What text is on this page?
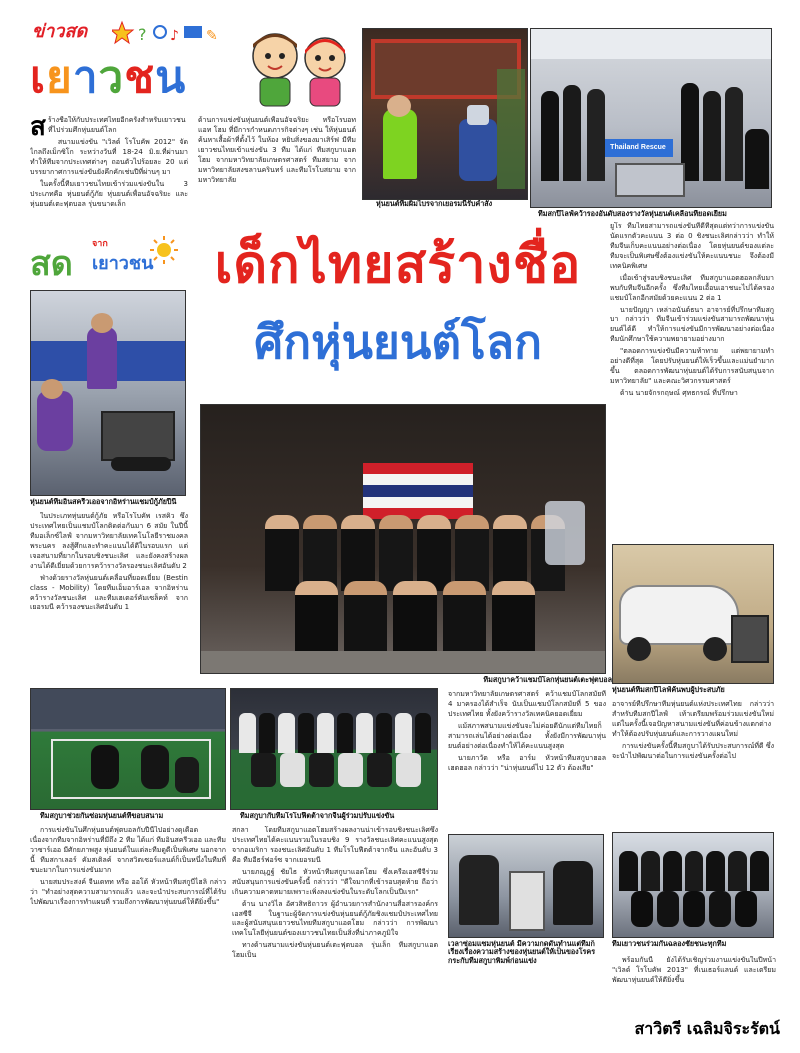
ข่าวสด
เยาวชน
? ♪ ✎

สร้างชื่อให้กับประเทศไทยอีกครั้งสำหรับเยาวชนที่ไปร่วมศึกหุ่นยนต์โลก

สนามแข่งขัน "เวิลด์ โรโบคัพ 2012" จัดไกลถึงเม็กซิโก ระหว่างวันที่ 18-24 มิ.ย.ที่ผ่านมา ทำให้ทีมจากประเทศต่างๆ ถอนตัวไปร้อยละ 20 แต่บรรยากาศการแข่งขันยังคึกคักเช่นปีที่ผ่านๆ มา

ในครั้งนี้ทีมเยาวชนไทยเข้าร่วมแข่งขันใน 3 ประเภทคือ หุ่นยนต์กู้ภัย หุ่นยนต์เพื่อนอัจฉริยะ และหุ่นยนต์เตะฟุตบอล รุ่นขนาดเล็ก

ด้านการแข่งขันหุ่นยนต์เพื่อนอัจฉริยะ หรือโรบอท แอท โฮม ที่มีการกำหนดภารกิจต่างๆ เช่น ให้หุ่นยนต์ค้นหาเสื้อผ้าที่ตั้งไว้ ในห้อง หยิบสิ่งของมาเสิร์ฟ มีทีมเยาวชนไทยเข้าแข่งขัน 3 ทีม ได้แก่ ทีมสกูบาแอตโฮม จากมหาวิทยาลัยเกษตรศาสตร์ ทีมสยาม จากมหาวิทยาลัยสงขลานครินทร์ และทีมโรโบสยาม จากมหาวิทยาลัย

หุ่นยนต์ทีมผิมไบรจากเยอรมนีรับคำสั่ง
Thailand Rescue
ทีมสกปีไลฟ์คว้ารองอันดับสองรางวัลหุ่นยนต์เคลื่อนที่ยอดเยี่ยม

ยูโร ทีมไทยสามารถแข่งขันที่ดีที่สุดแต่ทว่าการแข่งขันนัดแรกตัวคะแนน 3 ต่อ 0 ชิงชนะเลิศกล่าวว่า ทำให้ทีมจีนเก็บคะแนนอย่างต่อเนื่อง โดยหุ่นยนต์ของแต่ละทีมจะเป็นพิเศษซึ่งต้องแข่งขันให้คะแนนชนะ จึงต้องมีเทคนิคพิเศษ

เมื่อเข้าสู่รอบชิงชนะเลิศ ทีมสกูบาแอตฮอลกลับมาพบกับทีมจีนอีกครั้ง ซึ่งทีมไทยเอื้อนเอาชนะไปได้ครองแชมป์โลกอีกสมัยด้วยคะแนน 2 ต่อ 1

นายปัญญา เหล่าอนันต์ธนา อาจารย์ที่ปรึกษาทีมสกูบา กล่าวว่า ทีมจีนเข้าร่วมแข่งขันสามารถพัฒนาหุ่นยนต์ได้ดี ทำให้การแข่งขันมีการพัฒนาอย่างต่อเนื่อง ทีมนักศึกษาใช้ความพยายามอย่างมาก

"ตลอดการแข่งขันมีความท้าทาย แต่พยายามทำอย่างดีที่สุด โดยปรับหุ่นยนต์ให้เร็วขึ้นและแม่นยำมากขึ้น ตลอดการพัฒนาหุ่นยนต์ได้รับการสนับสนุนจากมหาวิทยาลัย" และคณะวิศวกรรมศาสตร์

ด้าน นายจักรกฤษณ์ ศุทธกรณ์ ที่ปรึกษา

เด็กไทยสร้างชื่อ
ศึกหุ่นยนต์โลก
สด จาก
เยาวชน
หุ่นยนต์ทีมอินสครีวเออจากอิหร่านแชมป์กู้ภัยปีนี้

ในประเภทหุ่นยนต์กู้ภัย หรือโรโบคัพ เรสคิว ซึ่งประเทศไทยเป็นแชมป์โลกติดต่อกันมา 6 สมัย ในปีนี้ทีมอเล็กซ์ไลฟ์ จากมหาวิทยาลัยเทคโนโลยีราชมงคลพระนคร ลงสู้ศึกและทำคะแนนได้ดีในรอบแรก แต่เจอสนามที่ยากในรอบชิงชนะเลิศ และยังคงสร้างผลงานได้ดีเยี่ยมด้วยการคว้ารางวัลรองชนะเลิศอันดับ 2

ฟ่างด้วยรางวัลหุ่นยนต์เคลื่อนที่ยอดเยี่ยม (Bestin class - Mobility) โดยทีมเอ็มอาร์เอล จากอิหร่านคว้ารางวัลชนะเลิศ และทีมเฮเตอร์คัมเซล็คท์ จากเยอรมนี คว้ารองชนะเลิศอันดับ 1

ทีมสกูบาคว้าแชมป์โลกหุ่นยนต์เตะฟุตบอล

จากมหาวิทยาลัยเกษตรศาสตร์ คว้าแชมป์โลกสมัยที่ 4 มาครองได้สำเร็จ นับเป็นแชมป์โลกสมัยที่ 5 ของประเทศไทย ทั้งยังคว้ารางวัลเทคนิคยอดเยี่ยม

แม้สภาพสนามแข่งขันจะไม่ค่อยดีนักแต่ทีมไทยก็สามารถเล่นได้อย่างต่อเนื่อง ทั้งยังมีการพัฒนาหุ่นยนต์อย่างต่อเนื่องทำให้ได้คะแนนสูงสุด

นายภาวัต หรือ อาร์ม หัวหน้าทีมสกูบาฮอล เฮตฮอล กล่าวว่า "น่าหุ่นยนต์ไป 12 ตัว ต้องเสีย"

หุ่นยนต์ทีมสกปีไลฟ์ค้นพบผู้ประสบภัย

อาจารย์ที่ปรึกษาทีมหุ่นยนต์แห่งประเทศไทย กล่าวว่า สำหรับทีมสกปีไลฟ์ เท้าเตรียมพร้อมร่วมแข่งขันใหม่ แต่ในครั้งนี้เจอปัญหาสนามแข่งขันที่ค่อนข้างแตกต่าง ทำให้ต้องปรับหุ่นยนต์และการวางแผนใหม่

การแข่งขันครั้งนี้ทีมสกูบาได้รับประสบการณ์ที่ดี ซึ่งจะนำไปพัฒนาต่อในการแข่งขันครั้งต่อไป

ทีมสกูบาช่วยกันซ่อมหุ่นยนต์ที่ขอบสนาม	ทีมสกูบากับทีมโรโบฟีตต้าจากจีนผู้ร่วมปรับแข่งขัน

การแข่งขันในศึกหุ่นยนต์ฟุตบอลกับปีนี้ไปอย่างดุเดือด เนื่องจากทีมจากอิหร่านที่มีถึง 2 ทีม ได้แก่ ทีมอินสครีวเออ และทีมวาซาร์เออ มีศักยภาพสูง หุ่นยนต์ในแต่ละทีมดูดีเป็นพิเศษ นอกจากนี้ ทีมสกาเลอร์ คัมสเติลค์ จากสวิตเซอร์แลนด์ก็เป็นหนึ่งในทีมที่ชนะมากในการแข่งขันมาก

นายสมประสงค์ จีนเดทท หรือ ออโต้ หัวหน้าทีมสกูบีไฮลิ กล่าวว่า "ทำอย่างสุดความสามารถแล้ว และจะนำประสบการณ์ที่ได้รับไปพัฒนาเรื่องการทำแผนที่ รวมถึงการพัฒนาหุ่นยนต์ให้ดียิ่งขึ้น"

สกลา โดยทีมสกูบาแอตโฮมสร้างผลงานน่าเข้ารอบชิงชนะเลิศซึ่งประเทศไทยได้คะแนนรวมในรอบชิง 9 รางวัลชนะเลิศคะแนนสูงสุด จากอเมริกา รองชนะเลิศอันดับ 1 ทีมโรโบฟีตต้าจากจีน และอันดับ 3 คือ ทีมอีธร์ฟอร์ซ จากเยอรมนี

นายภณุฎฐ์ ชัยไธ หัวหน้าทีมสกูบาแอตโฮม ซึ่งเครือเอสซีจีร่วมสนับสนุนการแข่งขันครั้งนี้ กล่าวว่า "ดีใจมากที่เข้ารอบสุดท้าย ถือว่าเกินความคาดหมายเพราะเพิ่งลงแข่งขันในระดับโลกเป็นปีแรก"

ด้าน นางวิไล อัศวสิทธิถาวร ผู้อำนวยการสำนักงานสื่อสารองค์กรเอสซีจี ในฐานะผู้จัดการแข่งขันหุ่นยนต์กู้ภัยชิงแชมป์ประเทศไทย และผู้สนับสนุนเยาวชนไทยทีมสกูบาแอตโฮม กล่าวว่า การพัฒนาเทคโนโลยีหุ่นยนต์ของเยาวชนไทยเป็นสิ่งที่น่าภาคภูมิใจ

ทางด้านสนามแข่งขันหุ่นยนต์เตะฟุตบอล รุ่นเล็ก ทีมสกูบาแอตโฮมเป็น

เวลาซ่อมแซมหุ่นยนต์ มีความกดดันทำนแต่ทีมก็เรียงเรื่องความสร้างของหุ่นยนต์ให้เป็นของโรคร กระกับทีมสกูบาพิมพ์ก่อนแข่ง
ทีมเยาวชนร่วมกันฉลองชัยชนะทุกทีม

พร้อมกันนี้ ยังได้รับเชิญร่วมงานแข่งขันในปีหน้า "เวิลด์ โรโบคัพ 2013" ที่เนเธอร์แลนด์ และเตรียมพัฒนาหุ่นยนต์ให้ดียิ่งขึ้น

สาวิตรี เฉลิมจิระรัตน์
